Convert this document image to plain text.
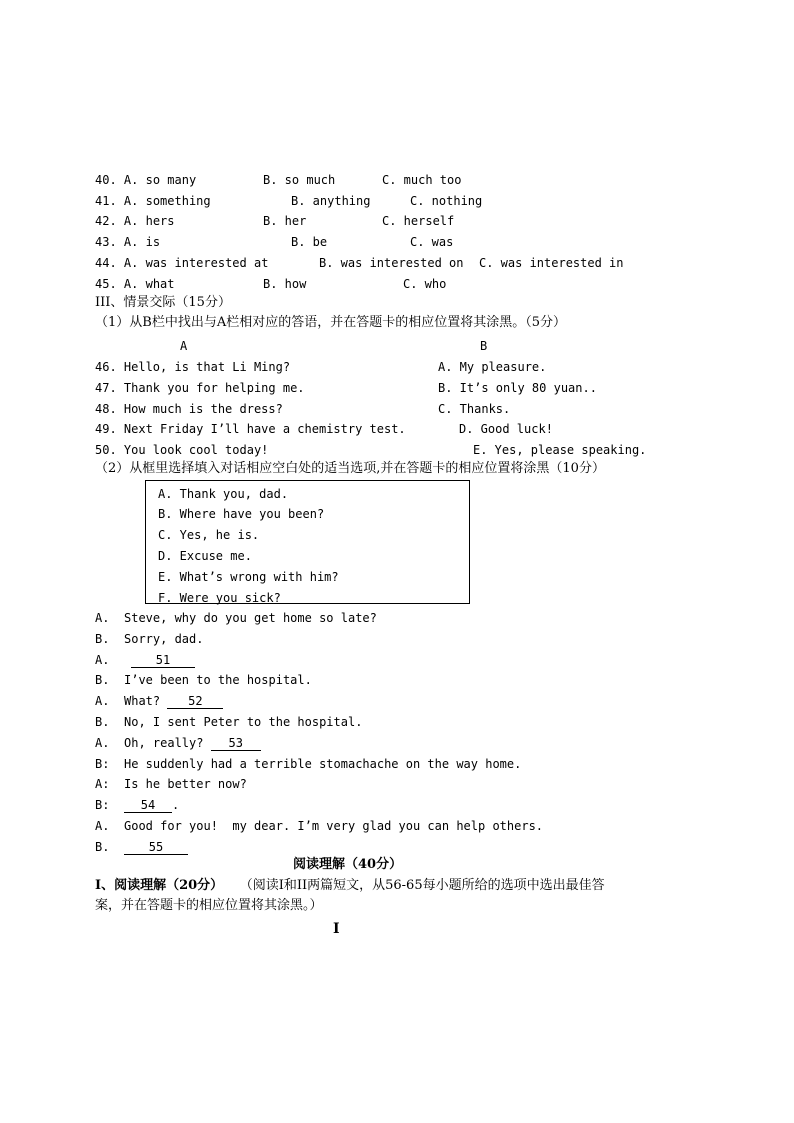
40. A. so many	B. so much	C. much too
41. A. something	B. anything	C. nothing
42. A. hers	B. her	C. herself
43. A. is	B. be	C. was
44. A. was interested at	B. was interested on C. was interested in
45. A. what	B. how	C. who
III、情景交际（15分）
（1）从B栏中找出与A栏相对应的答语，并在答题卡的相应位置将其涂黑。（5分）
A	B
46. Hello, is that Li Ming?	A. My pleasure.
47. Thank you for helping me.	B. It’s only 80 yuan..
48. How much is the dress?	C. Thanks.
49. Next Friday I’ll have a chemistry test.	D. Good luck!
50. You look cool today!	E. Yes, please speaking.
（2）从框里选择填入对话相应空白处的适当选项,并在答题卡的相应位置将涂黑（10分）
A. Thank you, dad.
B. Where have you been?
C. Yes, he is.
D. Excuse me.
E. What’s wrong with him?
F. Were you sick?
A. Steve, why do you get home so late?
B. Sorry, dad.
A.	51
B. I’ve been to the hospital.
A. What? 52
B. No, I sent Peter to the hospital.
A. Oh, really? 53
B: He suddenly had a terrible stomachache on the way home.
A: Is he better now?
B:	54 .
A. Good for you!  my dear. I’m very glad you can help others.
B.	55
阅读理解（40分）
I、阅读理解（20分） （阅读I和II两篇短文，从56-65每小题所给的选项中选出最佳答
案，并在答题卡的相应位置将其涂黑。）
I
